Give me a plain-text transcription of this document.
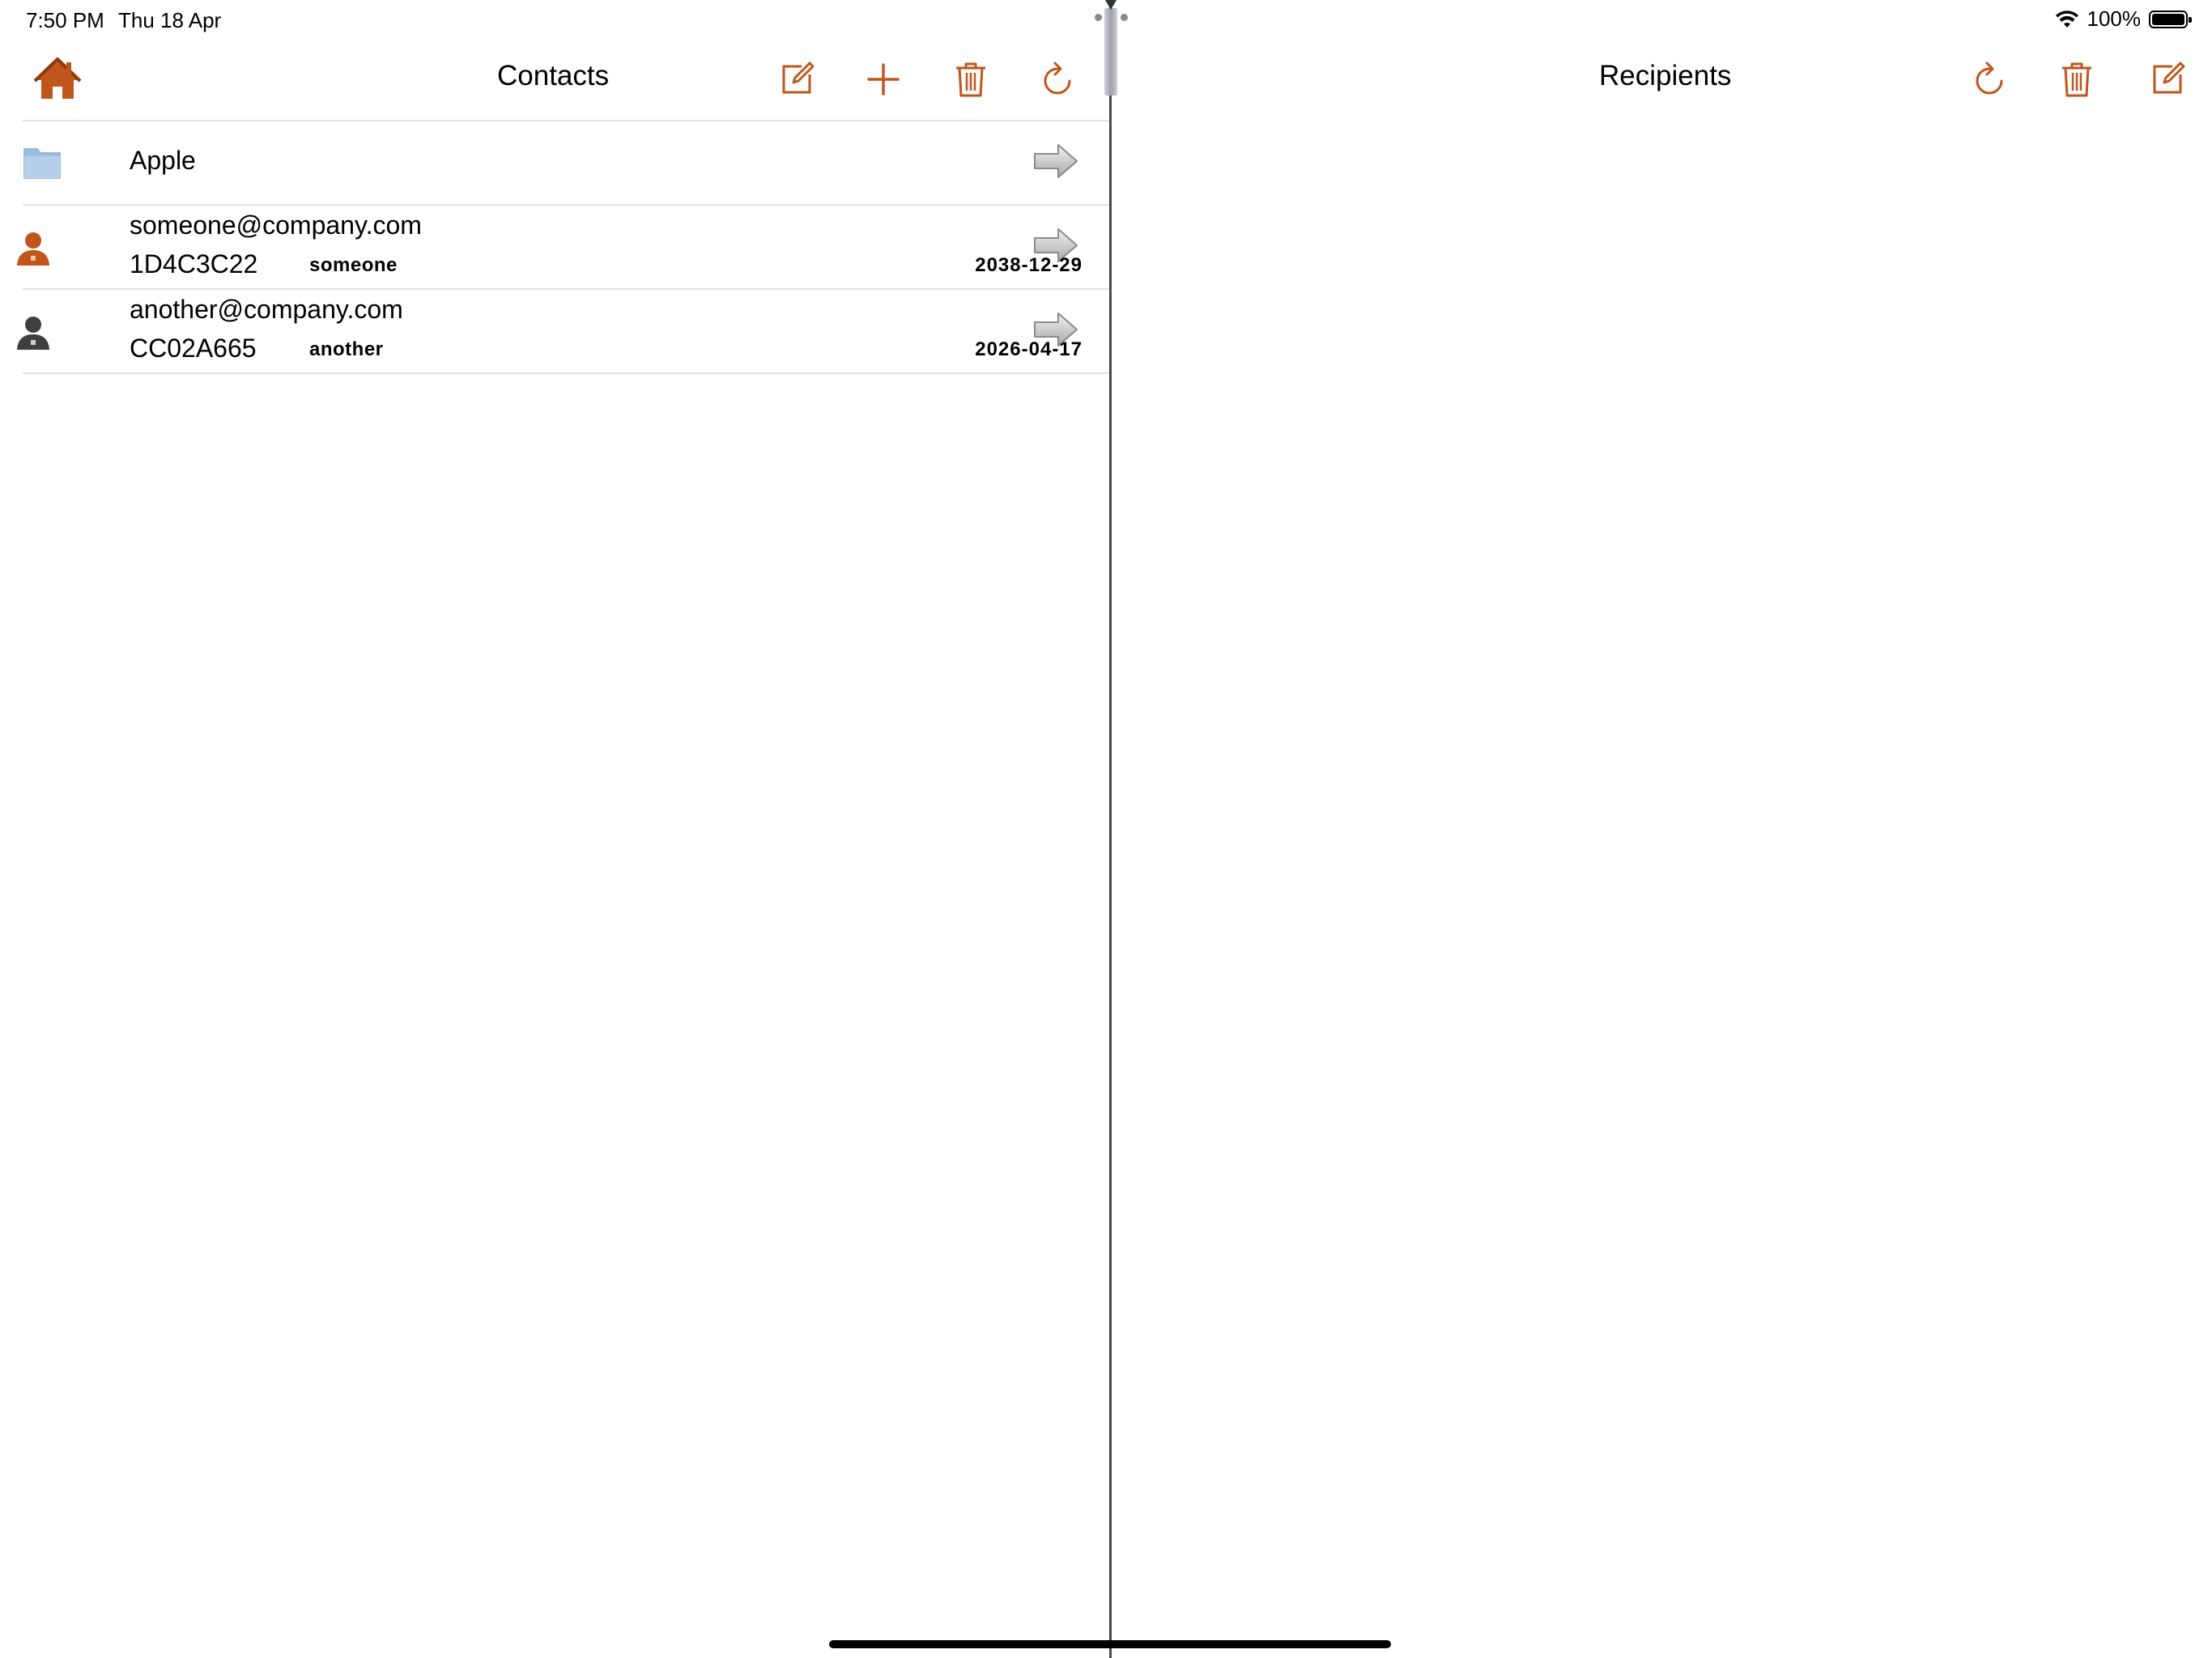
7:50 PM Thu 18 Apr	100%
Contacts
Apple
someone@company.com
1D4C3C22	someone	2038-12-29
another@company.com
CC02A665	another	2026-04-17
Recipients
